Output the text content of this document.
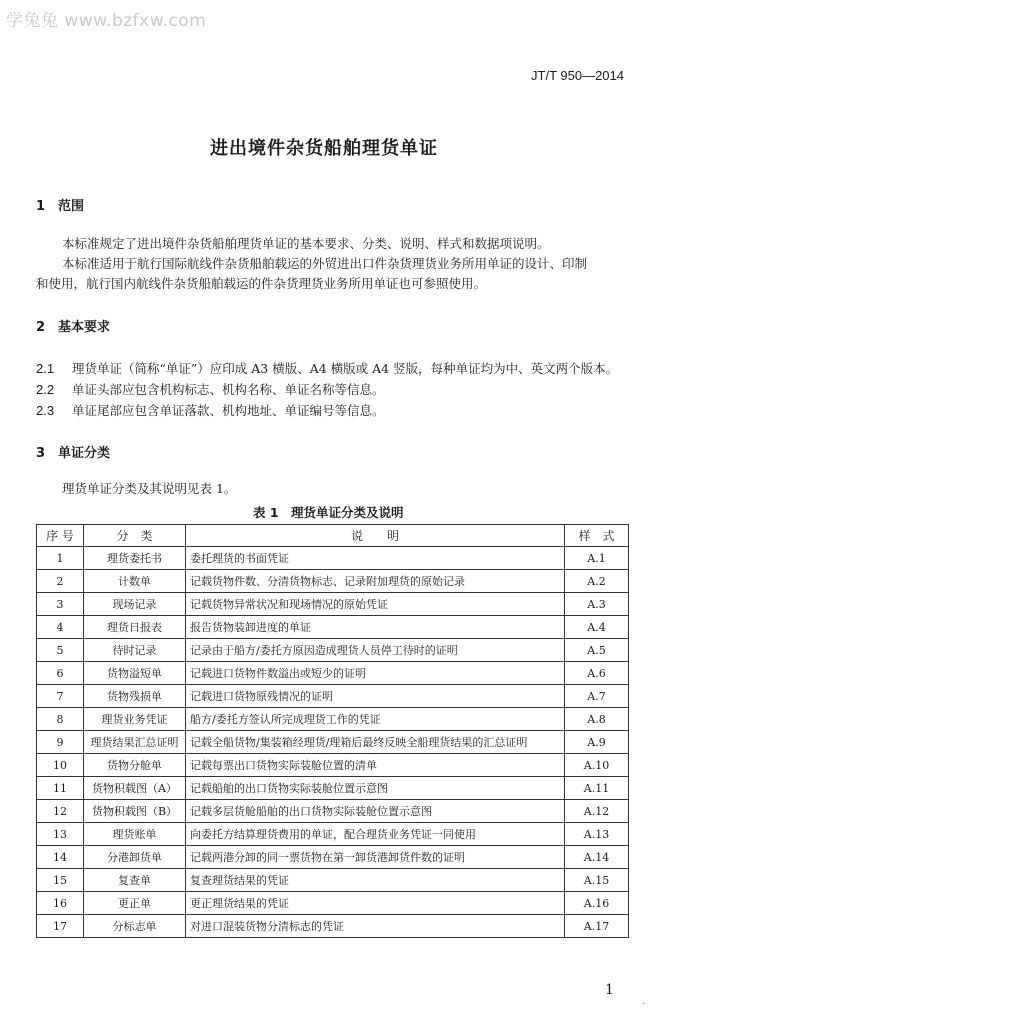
学兔兔 www.bzfxw.com
JT/T 950—2014
进出境件杂货船舶理货单证
1 范围
本标准规定了进出境件杂货船舶理货单证的基本要求、分类、说明、样式和数据项说明。
本标准适用于航行国际航线件杂货船舶载运的外贸进出口件杂货理货业务所用单证的设计、印制
和使用，航行国内航线件杂货船舶载运的件杂货理货业务所用单证也可参照使用。
2 基本要求
2.1 理货单证（简称“单证”）应印成 A3 横版、A4 横版或 A4 竖版，每种单证均为中、英文两个版本。
2.2 单证头部应包含机构标志、机构名称、单证名称等信息。
2.3 单证尾部应包含单证落款、机构地址、单证编号等信息。
3 单证分类
理货单证分类及其说明见表 1。
表 1　理货单证分类及说明
序 号	分　类	说　　明	样　式
1	理货委托书	委托理货的书面凭证	A.1
2	计数单	记载货物件数、分清货物标志、记录附加理货的原始记录	A.2
3	现场记录	记载货物异常状况和现场情况的原始凭证	A.3
4	理货日报表	报告货物装卸进度的单证	A.4
5	待时记录	记录由于船方/委托方原因造成理货人员停工待时的证明	A.5
6	货物溢短单	记载进口货物件数溢出或短少的证明	A.6
7	货物残损单	记载进口货物原残情况的证明	A.7
8	理货业务凭证	船方/委托方签认所完成理货工作的凭证	A.8
9	理货结果汇总证明	记载全船货物/集装箱经理货/理箱后最终反映全船理货结果的汇总证明	A.9
10	货物分舱单	记载每票出口货物实际装舱位置的清单	A.10
11	货物积载图（A）	记载船舶的出口货物实际装舱位置示意图	A.11
12	货物积载图（B）	记载多层货舱船舶的出口货物实际装舱位置示意图	A.12
13	理货账单	向委托方结算理货费用的单证，配合理货业务凭证一同使用	A.13
14	分港卸货单	记载两港分卸的同一票货物在第一卸货港卸货件数的证明	A.14
15	复查单	复查理货结果的凭证	A.15
16	更正单	更正理货结果的凭证	A.16
17	分标志单	对进口混装货物分清标志的凭证	A.17
1
·
